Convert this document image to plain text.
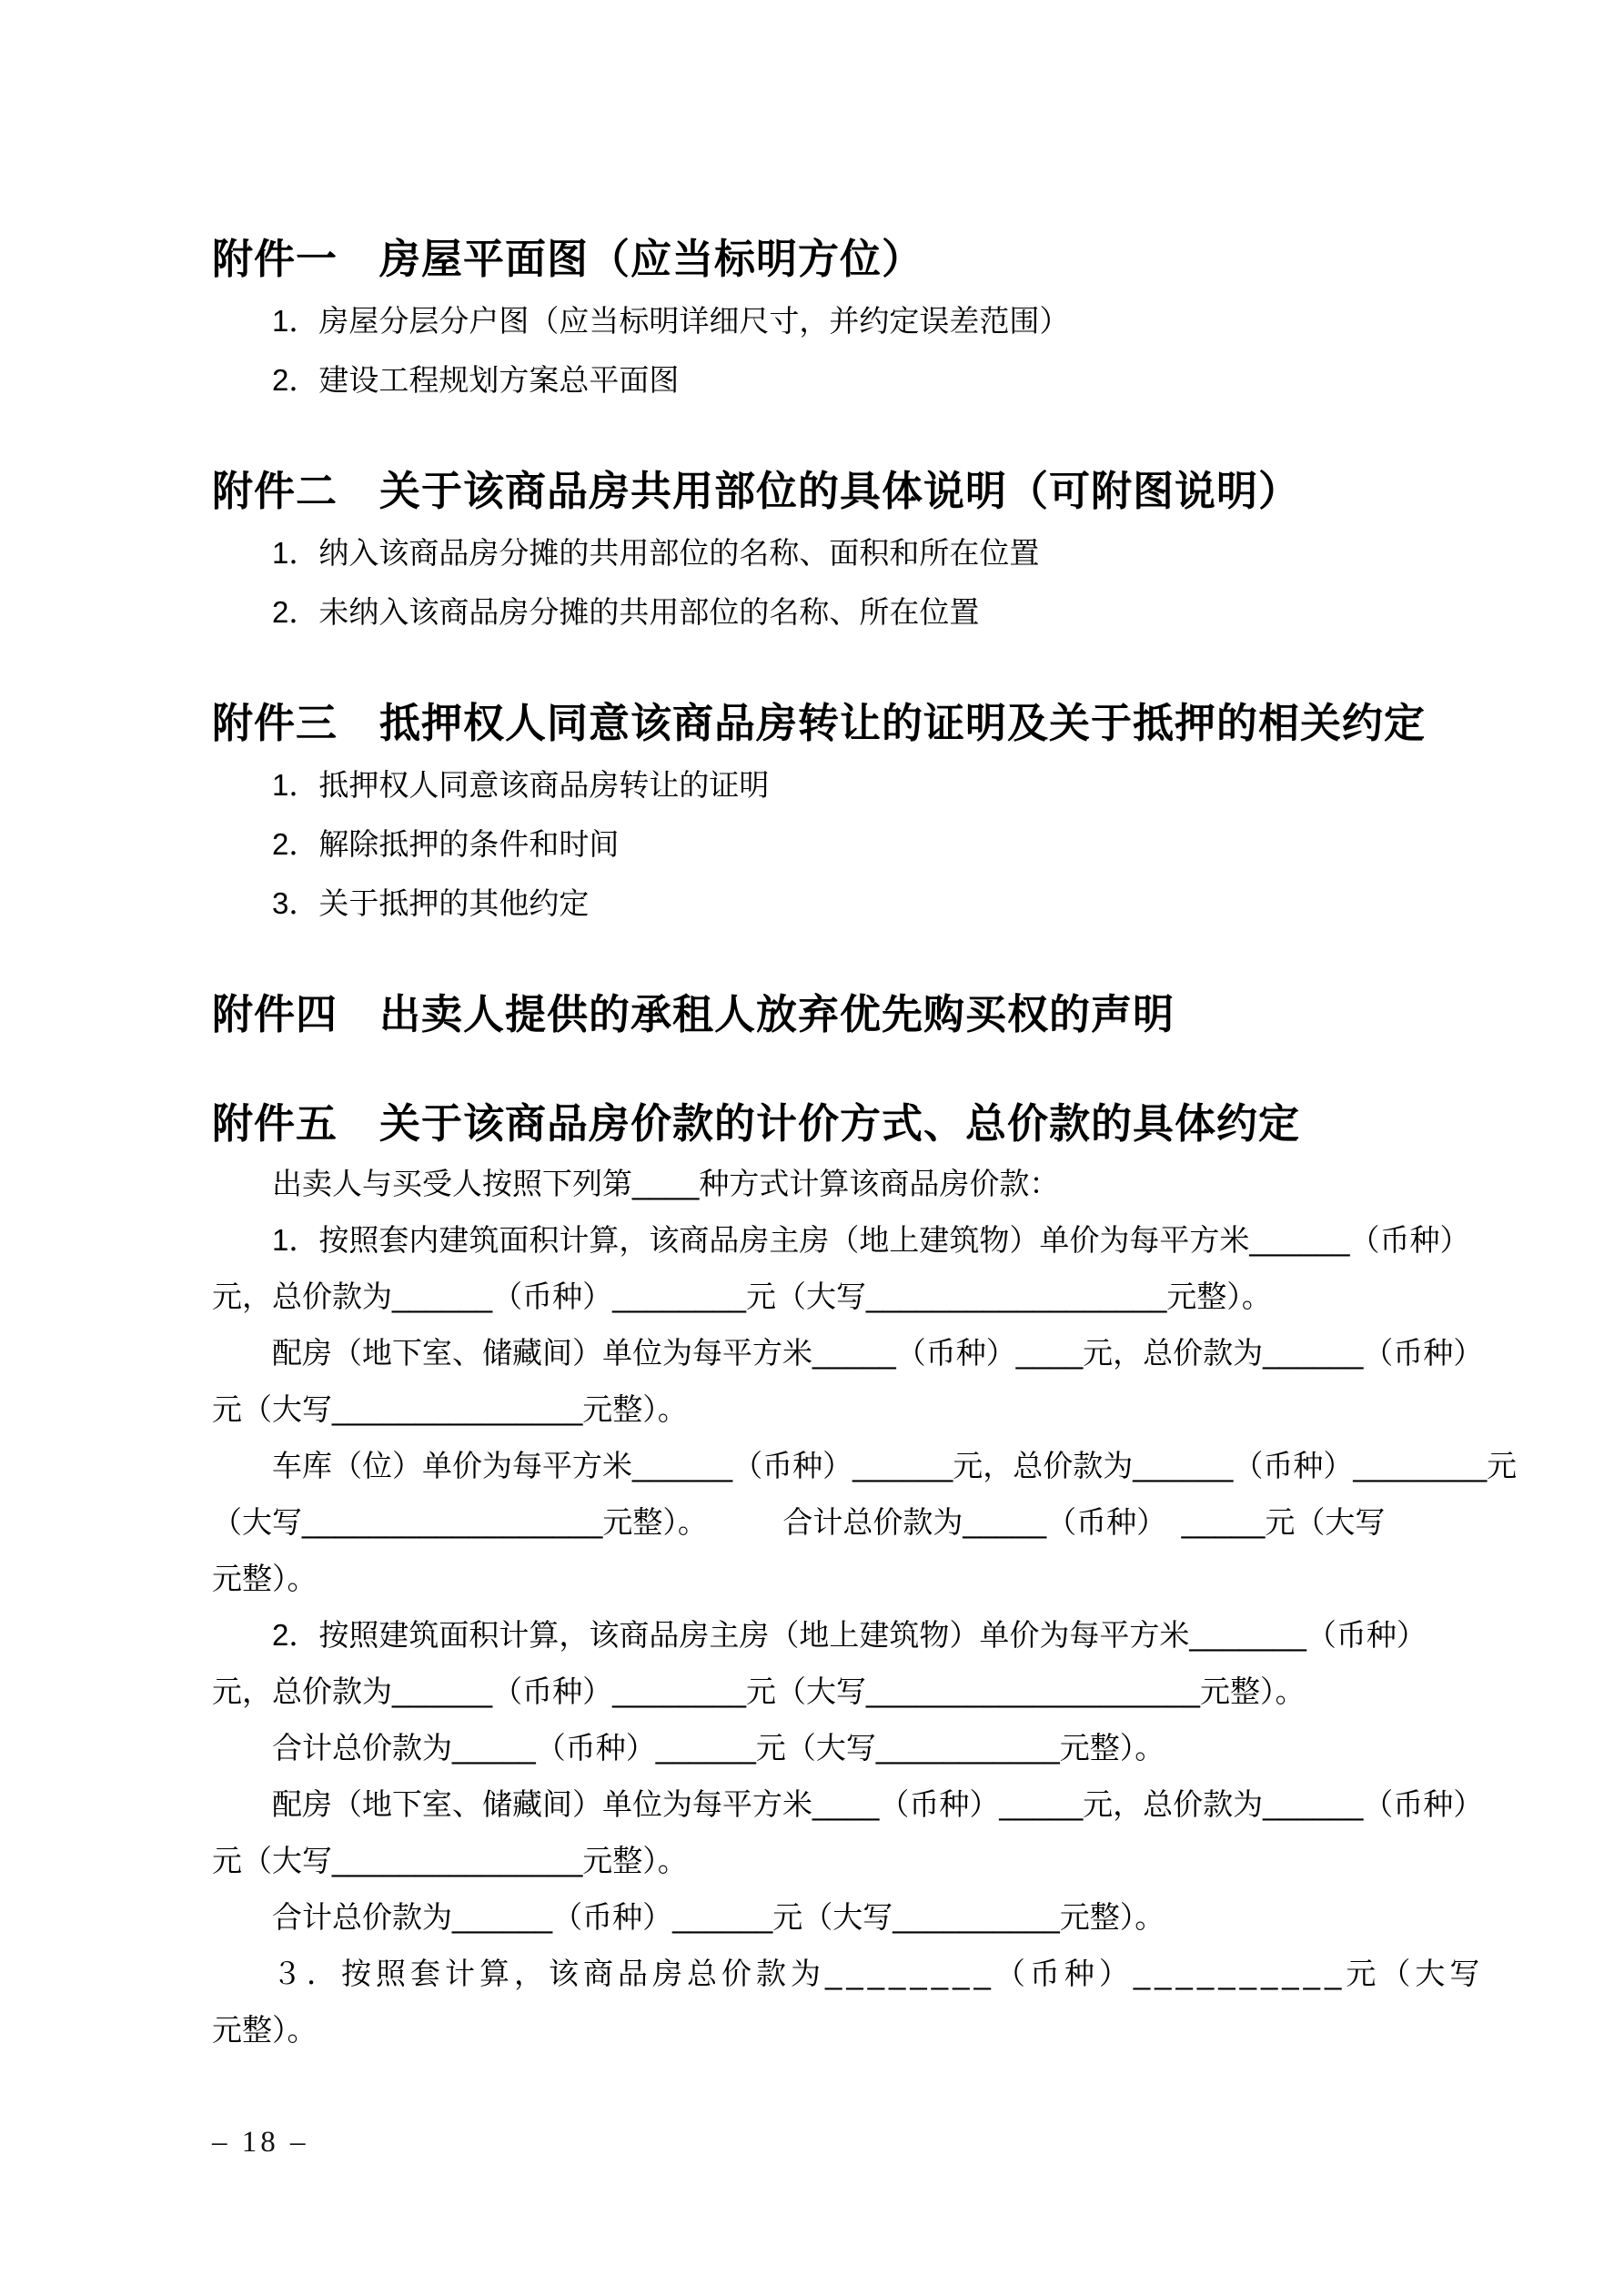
附件一　房屋平面图（应当标明方位）
1．房屋分层分户图（应当标明详细尺寸，并约定误差范围）
2．建设工程规划方案总平面图
附件二　关于该商品房共用部位的具体说明（可附图说明）
1．纳入该商品房分摊的共用部位的名称、面积和所在位置
2．未纳入该商品房分摊的共用部位的名称、所在位置
附件三　抵押权人同意该商品房转让的证明及关于抵押的相关约定
1．抵押权人同意该商品房转让的证明
2．解除抵押的条件和时间
3．关于抵押的其他约定
附件四　出卖人提供的承租人放弃优先购买权的声明
附件五　关于该商品房价款的计价方式、总价款的具体约定
出卖人与买受人按照下列第____种方式计算该商品房价款：
1．按照套内建筑面积计算，该商品房主房（地上建筑物）单价为每平方米______（币种）
元，总价款为______（币种）________元（大写__________________元整）。
配房（地下室、储藏间）单位为每平方米_____（币种）____元，总价款为______（币种）
元（大写_______________元整）。
车库（位）单价为每平方米______（币种）______元，总价款为______（币种）________元
（大写__________________元整）。　　　合计总价款为_____（币种）　_____元（大写
元整）。
2．按照建筑面积计算，该商品房主房（地上建筑物）单价为每平方米_______（币种）
元，总价款为______（币种）________元（大写____________________元整）。
合计总价款为_____（币种）______元（大写___________元整）。
配房（地下室、储藏间）单位为每平方米____（币种）_____元，总价款为______（币种）
元（大写_______________元整）。
合计总价款为______（币种）______元（大写__________元整）。
３．按照套计算，该商品房总价款为________（币种）__________元（大写
元整）。
– 18 –
